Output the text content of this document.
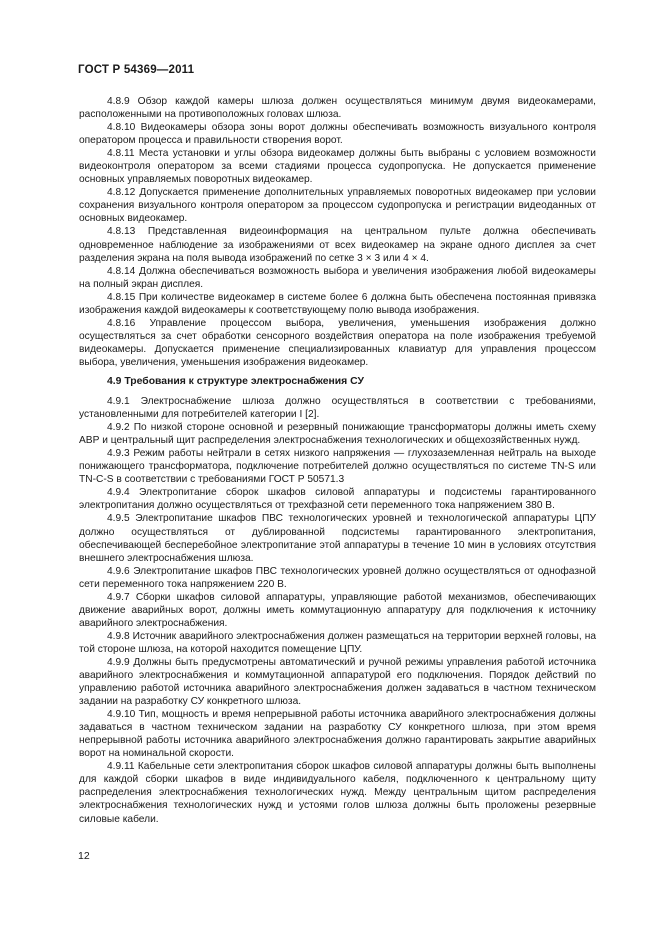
ГОСТ Р 54369—2011

4.8.9 Обзор каждой камеры шлюза должен осуществляться минимум двумя видеокамерами, расположенными на противоположных головах шлюза.

4.8.10 Видеокамеры обзора зоны ворот должны обеспечивать возможность визуального контроля оператором процесса и правильности створения ворот.

4.8.11 Места установки и углы обзора видеокамер должны быть выбраны с условием возможности видеоконтроля оператором за всеми стадиями процесса судопропуска. Не допускается применение основных управляемых поворотных видеокамер.

4.8.12 Допускается применение дополнительных управляемых поворотных видеокамер при условии сохранения визуального контроля оператором за процессом судопропуска и регистрации видеоданных от основных видеокамер.

4.8.13 Представленная видеоинформация на центральном пульте должна обеспечивать одновременное наблюдение за изображениями от всех видеокамер на экране одного дисплея за счет разделения экрана на поля вывода изображений по сетке 3 × 3 или 4 × 4.

4.8.14 Должна обеспечиваться возможность выбора и увеличения изображения любой видеокамеры на полный экран дисплея.

4.8.15 При количестве видеокамер в системе более 6 должна быть обеспечена постоянная привязка изображения каждой видеокамеры к соответствующему полю вывода изображения.

4.8.16 Управление процессом выбора, увеличения, уменьшения изображения должно осуществляться за счет обработки сенсорного воздействия оператора на поле изображения требуемой видеокамеры. Допускается применение специализированных клавиатур для управления процессом выбора, увеличения, уменьшения изображения видеокамер.

4.9 Требования к структуре электроснабжения СУ

4.9.1 Электроснабжение шлюза должно осуществляться в соответствии с требованиями, установленными для потребителей категории I [2].

4.9.2 По низкой стороне основной и резервный понижающие трансформаторы должны иметь схему АВР и центральный щит распределения электроснабжения технологических и общехозяйственных нужд.

4.9.3 Режим работы нейтрали в сетях низкого напряжения — глухозаземленная нейтраль на выходе понижающего трансформатора, подключение потребителей должно осуществляться по системе TN-S или TN-C-S в соответствии с требованиями ГОСТ Р 50571.3

4.9.4 Электропитание сборок шкафов силовой аппаратуры и подсистемы гарантированного электропитания должно осуществляться от трехфазной сети переменного тока напряжением 380 В.

4.9.5 Электропитание шкафов ПВС технологических уровней и технологической аппаратуры ЦПУ должно осуществляться от дублированной подсистемы гарантированного электропитания, обеспечивающей бесперебойное электропитание этой аппаратуры в течение 10 мин в условиях отсутствия внешнего электроснабжения шлюза.

4.9.6 Электропитание шкафов ПВС технологических уровней должно осуществляться от однофазной сети переменного тока напряжением 220 В.

4.9.7 Сборки шкафов силовой аппаратуры, управляющие работой механизмов, обеспечивающих движение аварийных ворот, должны иметь коммутационную аппаратуру для подключения к источнику аварийного электроснабжения.

4.9.8 Источник аварийного электроснабжения должен размещаться на территории верхней головы, на той стороне шлюза, на которой находится помещение ЦПУ.

4.9.9 Должны быть предусмотрены автоматический и ручной режимы управления работой источника аварийного электроснабжения и коммутационной аппаратурой его подключения. Порядок действий по управлению работой источника аварийного электроснабжения должен задаваться в частном техническом задании на разработку СУ конкретного шлюза.

4.9.10 Тип, мощность и время непрерывной работы источника аварийного электроснабжения должны задаваться в частном техническом задании на разработку СУ конкретного шлюза, при этом время непрерывной работы источника аварийного электроснабжения должно гарантировать закрытие аварийных ворот на номинальной скорости.

4.9.11 Кабельные сети электропитания сборок шкафов силовой аппаратуры должны быть выполнены для каждой сборки шкафов в виде индивидуального кабеля, подключенного к центральному щиту распределения электроснабжения технологических нужд. Между центральным щитом распределения электроснабжения технологических нужд и устоями голов шлюза должны быть проложены резервные силовые кабели.

12
